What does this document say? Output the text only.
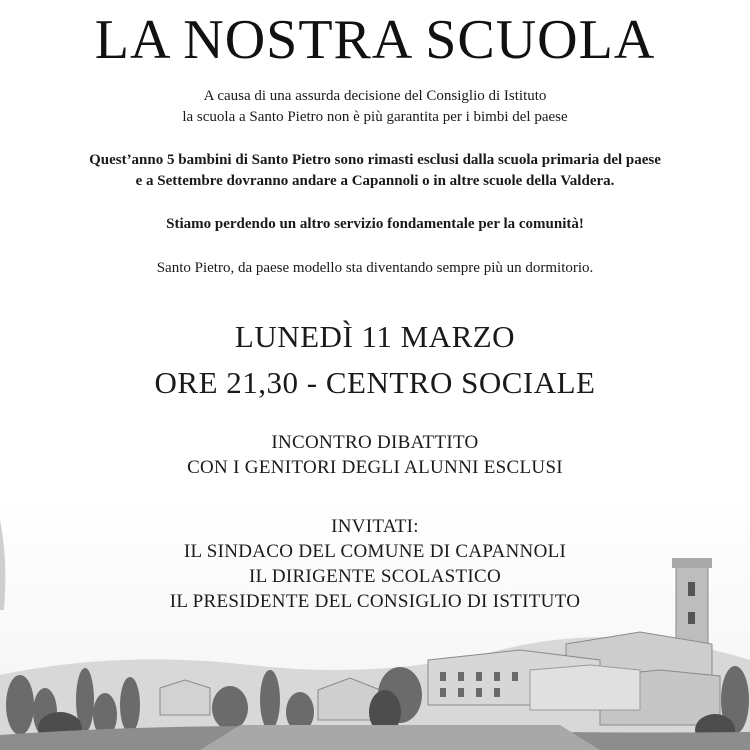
LA NOSTRA SCUOLA
A causa di una assurda decisione del Consiglio di Istituto
la scuola a Santo Pietro non è più garantita per i bimbi del paese
Quest’anno 5 bambini di Santo Pietro sono rimasti esclusi dalla scuola primaria del paese
e a Settembre dovranno andare a Capannoli o in altre scuole della Valdera.
Stiamo perdendo un altro servizio fondamentale per la comunità!
Santo Pietro, da paese modello sta diventando sempre più un dormitorio.
LUNEDÌ 11 MARZO
ORE 21,30 - CENTRO SOCIALE
INCONTRO DIBATTITO
CON I GENITORI DEGLI ALUNNI ESCLUSI
INVITATI:
IL SINDACO DEL COMUNE DI CAPANNOLI
IL DIRIGENTE SCOLASTICO
IL PRESIDENTE DEL CONSIGLIO DI ISTITUTO
